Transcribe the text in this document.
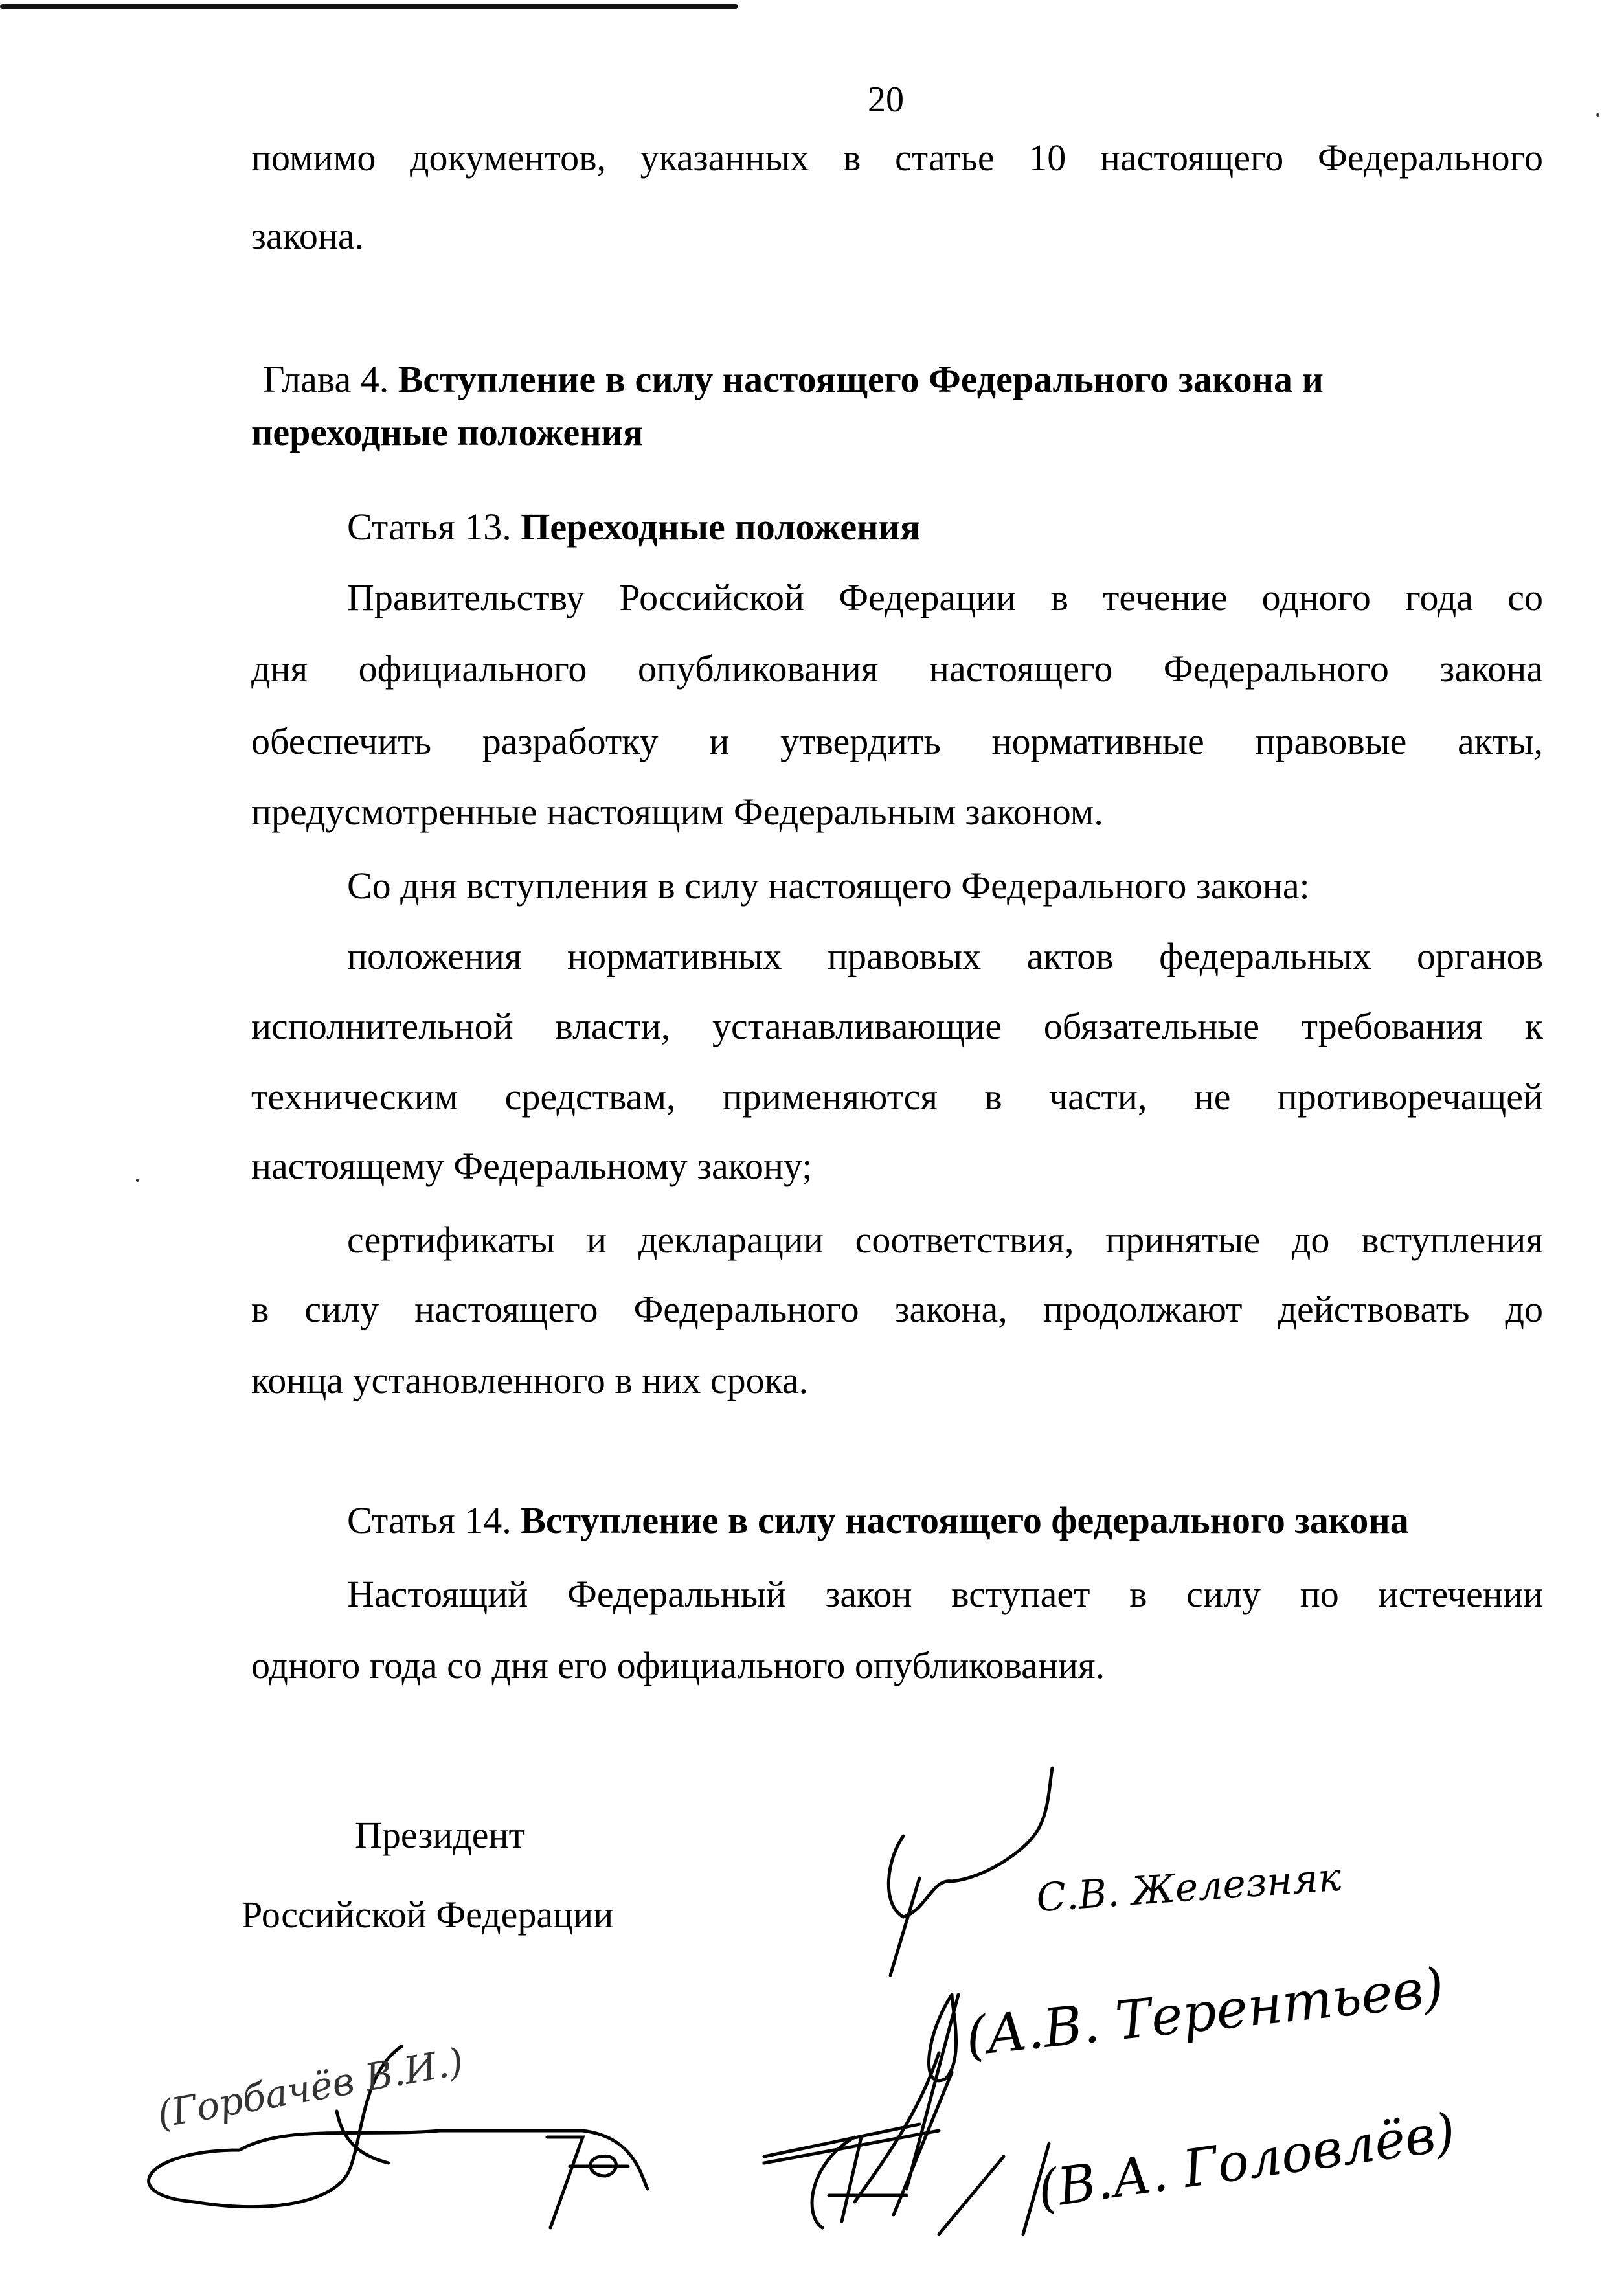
20
помимо документов, указанных в статье 10 настоящего Федерального
закона.
Глава 4. Вступление в силу настоящего Федерального закона и
переходные положения
Статья 13. Переходные положения
Правительству Российской Федерации в течение одного года со
дня официального опубликования настоящего Федерального закона
обеспечить разработку и утвердить нормативные правовые акты,
предусмотренные настоящим Федеральным законом.
Со дня вступления в силу настоящего Федерального закона:
положения нормативных правовых актов федеральных органов
исполнительной власти, устанавливающие обязательные требования к
техническим средствам, применяются в части, не противоречащей
настоящему Федеральному закону;
сертификаты и декларации соответствия, принятые до вступления
в силу настоящего Федерального закона, продолжают действовать до
конца установленного в них срока.
Статья 14. Вступление в силу настоящего федерального закона
Настоящий Федеральный закон вступает в силу по истечении
одного года со дня его официального опубликования.
Президент
Российской Федерации	С.В. Железняк
(А.В. Терентьев)
(Горбачёв В.И.)
(В.А. Головлёв)
